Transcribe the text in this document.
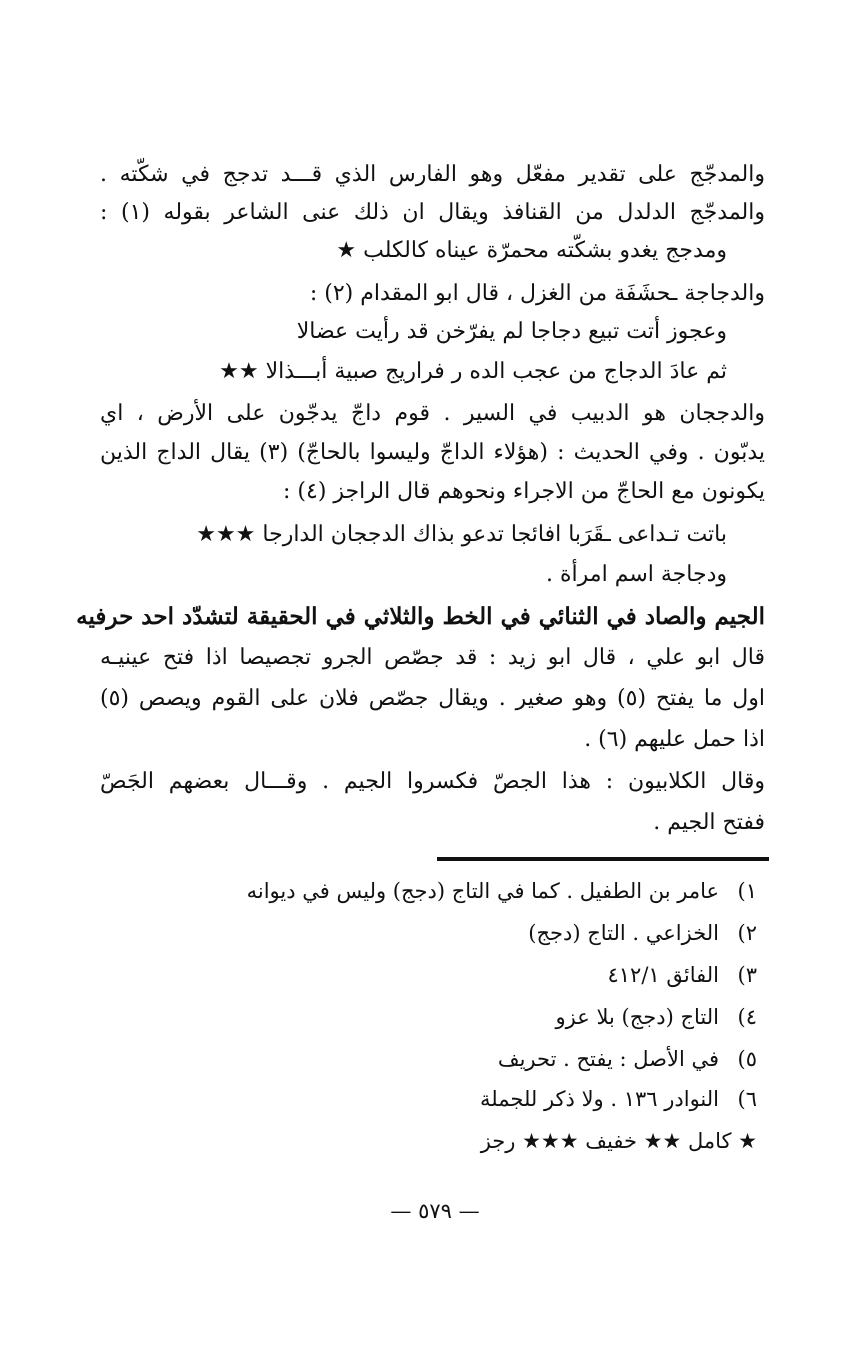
والمدجّج على تقدير مفعّل وهو الفارس الذي قـــد تدجج في شكّته .
والمدجّج الدلدل من القنافذ ويقال ان ذلك عنى الشاعر بقوله (١) :
ومدجج يغدو بشكّته محمرّة عيناه كالكلب ★
والدجاجة ـحشَفَة من الغزل ، قال ابو المقدام (٢) :
وعجوز أتت تبيع دجاجا لم يفرّخن قد رأيت عضالا
ثم عادَ الدجاج من عجب الده ر فراريج صبية أبـــذالا ★★
والدججان هو الدبيب في السير . قوم داجّ يدجّون على الأرض ، اي
يدبّون . وفي الحديث : (هؤلاء الداجّ وليسوا بالحاجّ) (٣) يقال الداج الذين
يكونون مع الحاجّ من الاجراء ونحوهم قال الراجز (٤) :
باتت تـداعى ـقَرَبا افائجا تدعو بذاك الدججان الدارجا ★★★
ودجاجة اسم امرأة .
الجيم والصاد في الثنائي في الخط والثلاثي في الحقيقة لتشدّد احد حرفيه
قال ابو علي ، قال ابو زيد : قد جصّص الجرو تجصيصا اذا فتح عينيـه
اول ما يفتح (٥) وهو صغير . ويقال جصّص فلان على القوم ويصص (٥)
اذا حمل عليهم (٦) .
وقال الكلابيون : هذا الجصّ فكسروا الجيم . وقـــال بعضهم الجَصّ
ففتح الجيم .
١)عامر بن الطفيل . كما في التاج (دجج) وليس في ديوانه
٢)الخزاعي . التاج (دجج)
٣)الفائق ٤١٢/١
٤)التاج (دجج) بلا عزو
٥)في الأصل : يفتح . تحريف
٦)النوادر ١٣٦ . ولا ذكر للجملة
★ كامل ★★ خفيف ★★★ رجز
— ٥٧٩ —
